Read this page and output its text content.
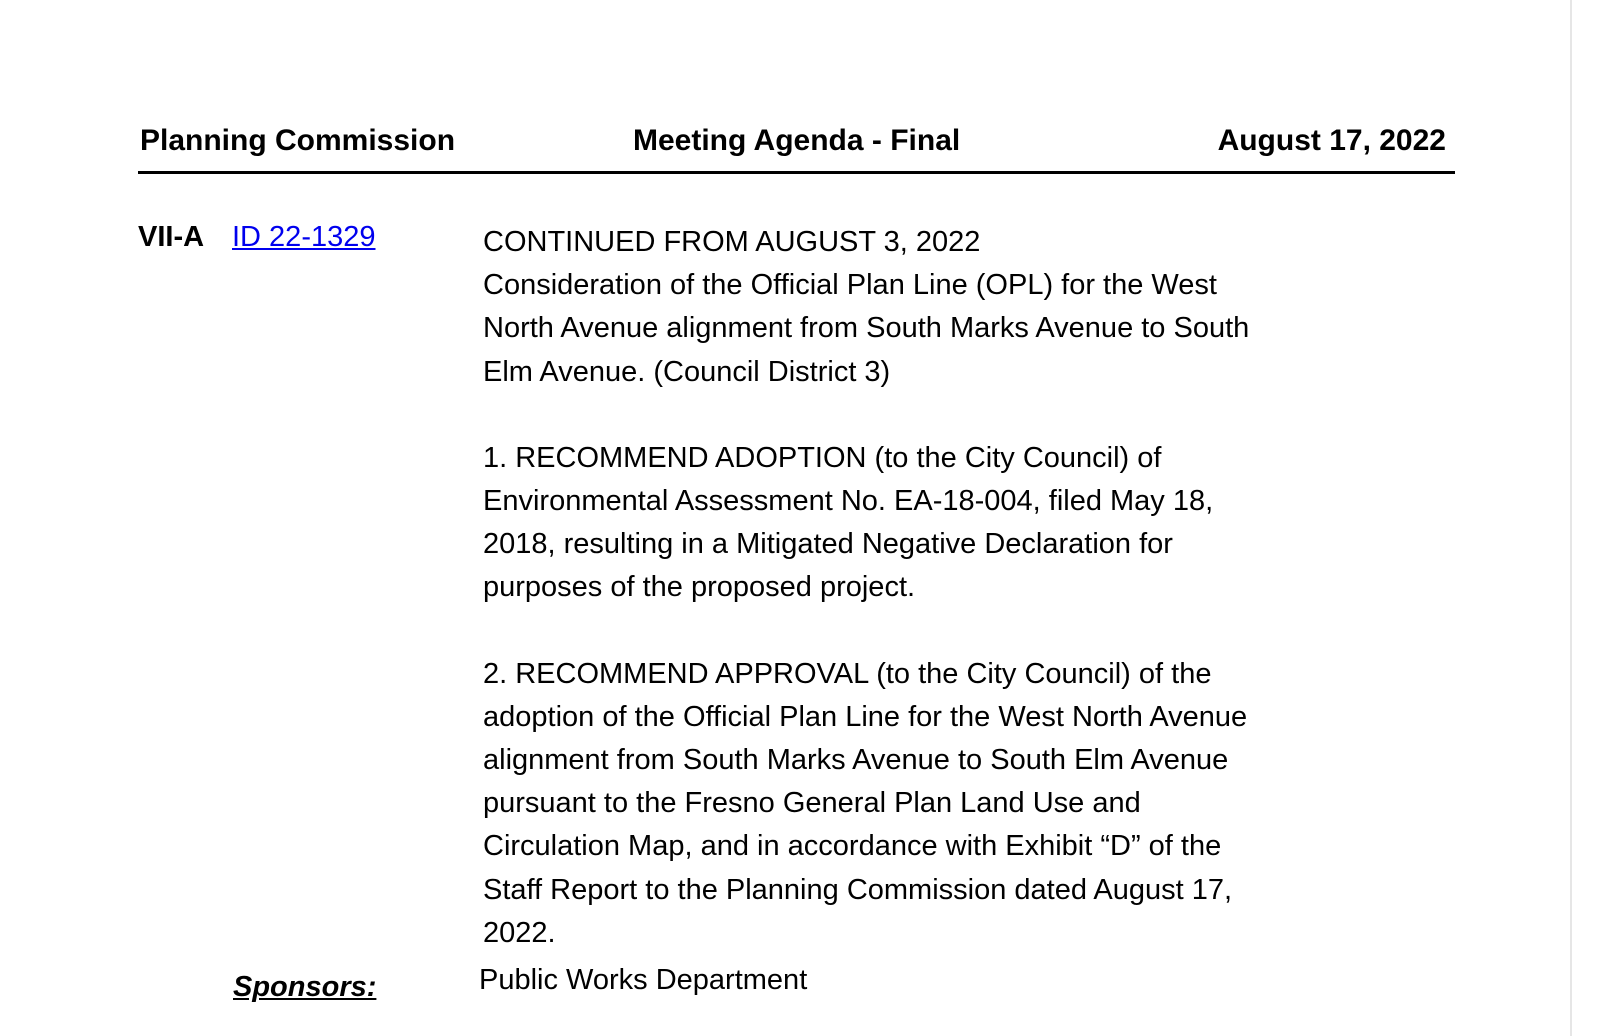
Planning Commission	Meeting Agenda - Final	August 17, 2022
VII-A ID 22-1329	CONTINUED FROM AUGUST 3, 2022
Consideration of the Official Plan Line (OPL) for the West
North Avenue alignment from South Marks Avenue to South
Elm Avenue. (Council District 3)

1. RECOMMEND ADOPTION (to the City Council) of
Environmental Assessment No. EA-18-004, filed May 18,
2018, resulting in a Mitigated Negative Declaration for
purposes of the proposed project.

2. RECOMMEND APPROVAL (to the City Council) of the
adoption of the Official Plan Line for the West North Avenue
alignment from South Marks Avenue to South Elm Avenue
pursuant to the Fresno General Plan Land Use and
Circulation Map, and in accordance with Exhibit “D” of the
Staff Report to the Planning Commission dated August 17,
2022.

Sponsors:	Public Works Department
